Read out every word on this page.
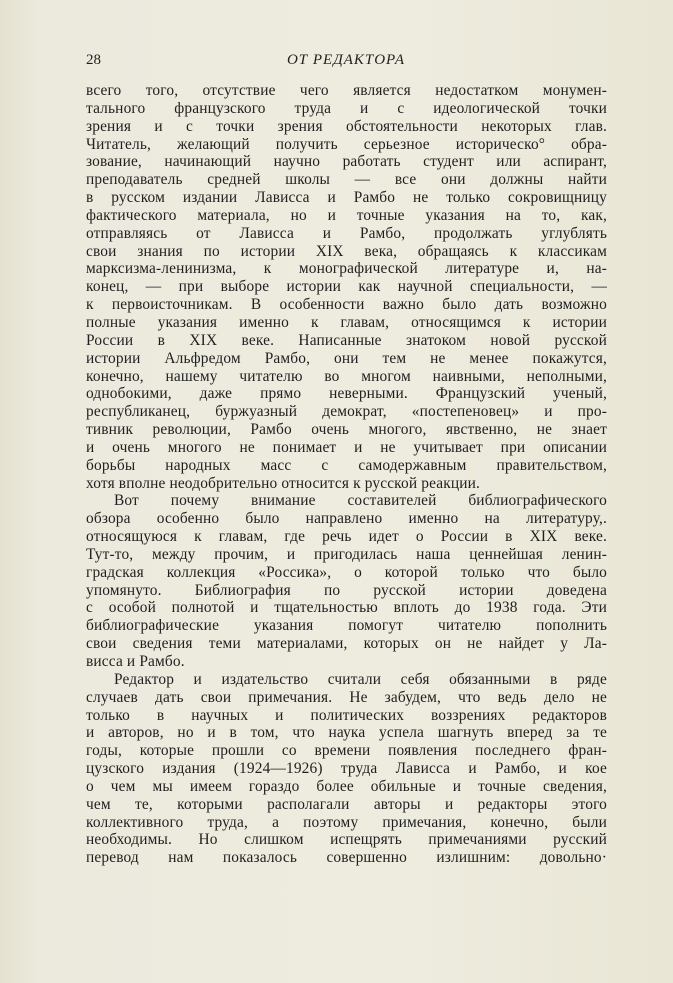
28	ОТ РЕДАКТОРА
всего того, отсутствие чего является недостатком монумен-
тального французского труда и с идеологической точки
зрения и с точки зрения обстоятельности некоторых глав.
Читатель, желающий получить серьезное историческо° обра-
зование, начинающий научно работать студент или аспирант,
преподаватель средней школы — все они должны найти
в русском издании Лависса и Рамбо не только сокровищницу
фактического материала, но и точные указания на то, как,
отправляясь от Лависса и Рамбо, продолжать углублять
свои знания по истории XIX века, обращаясь к классикам
марксизма-ленинизма, к монографической литературе и, на-
конец, — при выборе истории как научной специальности, —
к первоисточникам. В особенности важно было дать возможно
полные указания именно к главам, относящимся к истории
России в XIX веке. Написанные знатоком новой русской
истории Альфредом Рамбо, они тем не менее покажутся,
конечно, нашему читателю во многом наивными, неполными,
однобокими, даже прямо неверными. Французский ученый,
республиканец, буржуазный демократ, «постепеновец» и про-
тивник революции, Рамбо очень многого, явственно, не знает
и очень многого не понимает и не учитывает при описании
борьбы народных масс с самодержавным правительством,
хотя вполне неодобрительно относится к русской реакции.
Вот почему внимание составителей библиографического
обзора особенно было направлено именно на литературу,.
относящуюся к главам, где речь идет о России в XIX веке.
Тут-то, между прочим, и пригодилась наша ценнейшая ленин-
градская коллекция «Россика», о которой только что было
упомянуто. Библиография по русской истории доведена
с особой полнотой и тщательностью вплоть до 1938 года. Эти
библиографические указания помогут читателю пополнить
свои сведения теми материалами, которых он не найдет у Ла-
висса и Рамбо.
Редактор и издательство считали себя обязанными в ряде
случаев дать свои примечания. Не забудем, что ведь дело не
только в научных и политических воззрениях редакторов
и авторов, но и в том, что наука успела шагнуть вперед за те
годы, которые прошли со времени появления последнего фран-
цузского издания (1924—1926) труда Лависса и Рамбо, и кое
о чем мы имеем гораздо более обильные и точные сведения,
чем те, которыми располагали авторы и редакторы этого
коллективного труда, а поэтому примечания, конечно, были
необходимы. Но слишком испещрять примечаниями русский
перевод нам показалось совершенно излишним: довольно·
